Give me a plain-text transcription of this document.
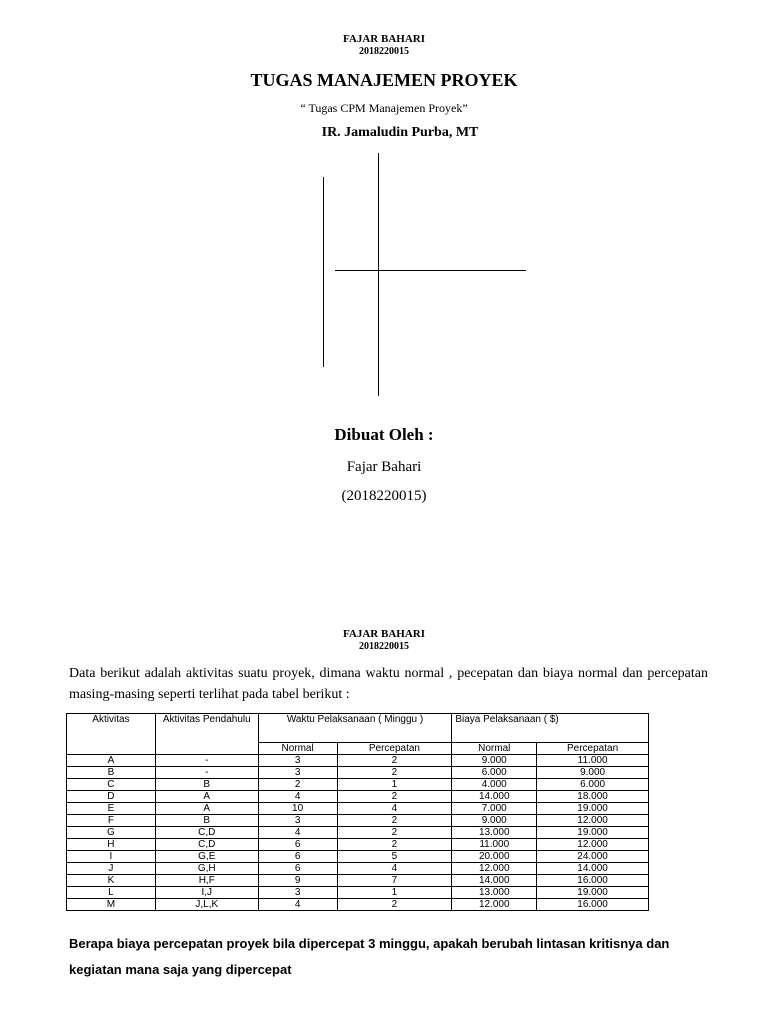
FAJAR BAHARI
2018220015
TUGAS MANAJEMEN PROYEK
“ Tugas CPM Manajemen Proyek”
IR. Jamaludin Purba, MT
Dibuat Oleh :
Fajar Bahari
(2018220015)
FAJAR BAHARI
2018220015
Data berikut adalah aktivitas suatu proyek, dimana waktu normal , pecepatan dan biaya normal dan percepatan masing-masing seperti terlihat pada tabel berikut :
Aktivitas	Aktivitas Pendahulu	Waktu Pelaksanaan ( Minggu )		Biaya Pelaksanaan ( $)	
		Normal	Percepatan	Normal	Percepatan
A	-	3	2	9.000	11.000
B	-	3	2	6.000	9.000
C	B	2	1	4.000	6.000
D	A	4	2	14.000	18.000
E	A	10	4	7.000	19.000
F	B	3	2	9.000	12.000
G	C,D	4	2	13.000	19.000
H	C,D	6	2	11.000	12.000
I	G,E	6	5	20.000	24.000
J	G,H	6	4	12.000	14.000
K	H,F	9	7	14.000	16.000
L	I,J	3	1	13.000	19.000
M	J,L,K	4	2	12.000	16.000
Berapa biaya percepatan proyek bila dipercepat 3 minggu, apakah berubah lintasan kritisnya dan kegiatan mana saja yang dipercepat
